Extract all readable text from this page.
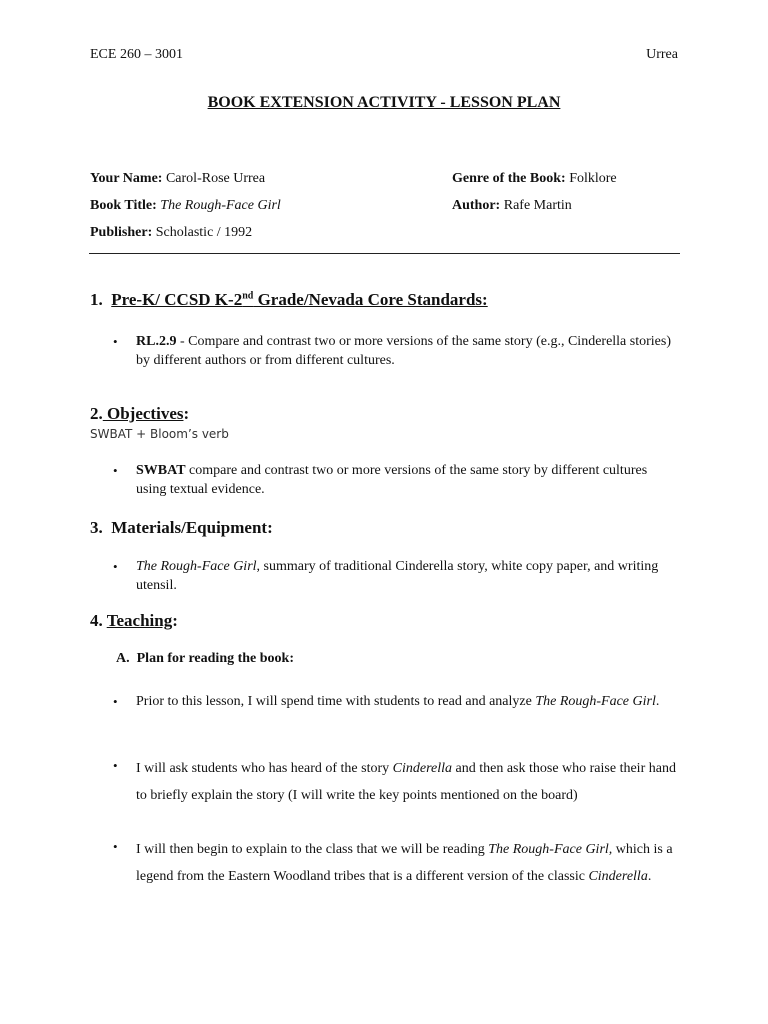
ECE 260 – 3001	Urrea
BOOK EXTENSION ACTIVITY - LESSON PLAN
Your Name: Carol-Rose Urrea	Genre of the Book: Folklore
Book Title: The Rough-Face Girl	Author: Rafe Martin
Publisher: Scholastic / 1992
1. Pre-K/ CCSD K-2nd Grade/Nevada Core Standards:
• RL.2.9 - Compare and contrast two or more versions of the same story (e.g., Cinderella stories) by different authors or from different cultures.
2. Objectives:
SWBAT + Bloom’s verb
• SWBAT compare and contrast two or more versions of the same story by different cultures using textual evidence.
3. Materials/Equipment:
• The Rough-Face Girl, summary of traditional Cinderella story, white copy paper, and writing utensil.
4. Teaching:
A. Plan for reading the book:
• Prior to this lesson, I will spend time with students to read and analyze The Rough-Face Girl.
• I will ask students who has heard of the story Cinderella and then ask those who raise their hand to briefly explain the story (I will write the key points mentioned on the board)
• I will then begin to explain to the class that we will be reading The Rough-Face Girl, which is a legend from the Eastern Woodland tribes that is a different version of the classic Cinderella.
